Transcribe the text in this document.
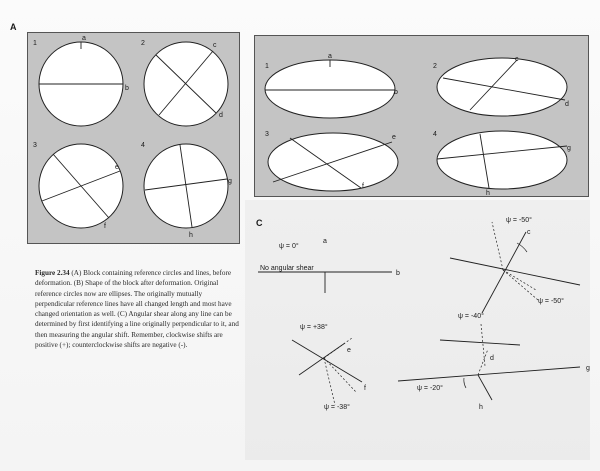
A
1
a
b
2	c
d
3
e
f
4
g
h
1
a
b
2
c
d
3	e
f
4
g
h
C
No angular shear
ψ = 0°
a
b
ψ = -50°
c
ψ = -50°
ψ = +38°
e
f
ψ = -38°
ψ = -40°
d
ψ = -20°
g
h
Figure 2.34 (A) Block containing reference circles and lines, before deformation. (B) Shape of the block after deformation. Original reference circles now are ellipses. The originally mutually perpendicular reference lines have all changed length and most have changed orientation as well. (C) Angular shear along any line can be determined by first identifying a line originally perpendicular to it, and then measuring the angular shift. Remember, clockwise shifts are positive (+); counterclockwise shifts are negative (-).
